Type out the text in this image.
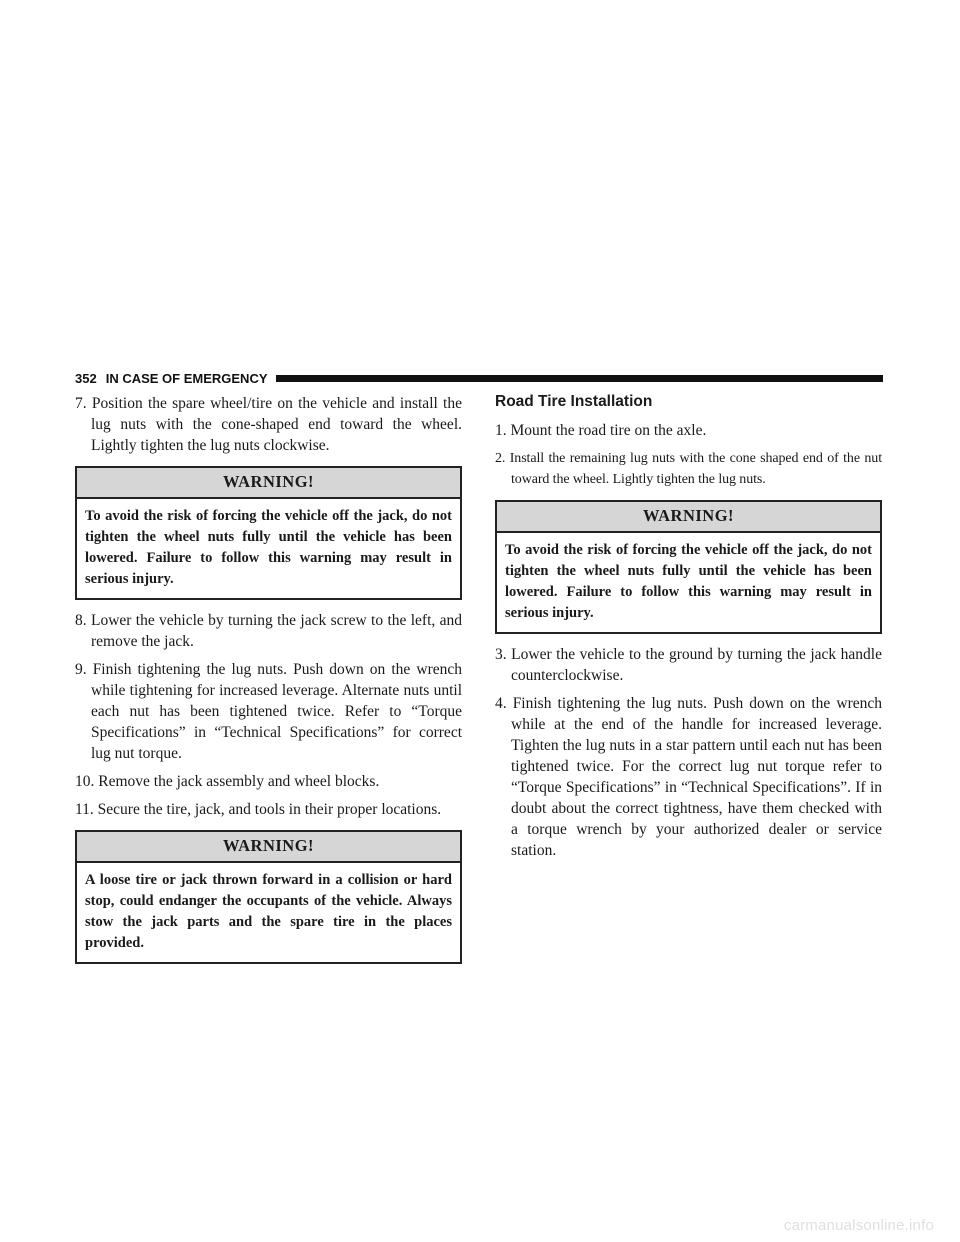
352 IN CASE OF EMERGENCY

7. Position the spare wheel/tire on the vehicle and install the lug nuts with the cone-shaped end toward the wheel. Lightly tighten the lug nuts clockwise.

WARNING!
To avoid the risk of forcing the vehicle off the jack, do not tighten the wheel nuts fully until the vehicle has been lowered. Failure to follow this warning may result in serious injury.

8. Lower the vehicle by turning the jack screw to the left, and remove the jack.

9. Finish tightening the lug nuts. Push down on the wrench while tightening for increased leverage. Alternate nuts until each nut has been tightened twice. Refer to “Torque Specifications” in “Technical Specifications” for correct lug nut torque.

10. Remove the jack assembly and wheel blocks.

11. Secure the tire, jack, and tools in their proper locations.

WARNING!
A loose tire or jack thrown forward in a collision or hard stop, could endanger the occupants of the vehicle. Always stow the jack parts and the spare tire in the places provided.
Road Tire Installation

1. Mount the road tire on the axle.

2. Install the remaining lug nuts with the cone shaped end of the nut toward the wheel. Lightly tighten the lug nuts.

WARNING!
To avoid the risk of forcing the vehicle off the jack, do not tighten the wheel nuts fully until the vehicle has been lowered. Failure to follow this warning may result in serious injury.

3. Lower the vehicle to the ground by turning the jack handle counterclockwise.

4. Finish tightening the lug nuts. Push down on the wrench while at the end of the handle for increased leverage. Tighten the lug nuts in a star pattern until each nut has been tightened twice. For the correct lug nut torque refer to “Torque Specifications” in “Technical Specifications”. If in doubt about the correct tightness, have them checked with a torque wrench by your authorized dealer or service station.

carmanualsonline.info
